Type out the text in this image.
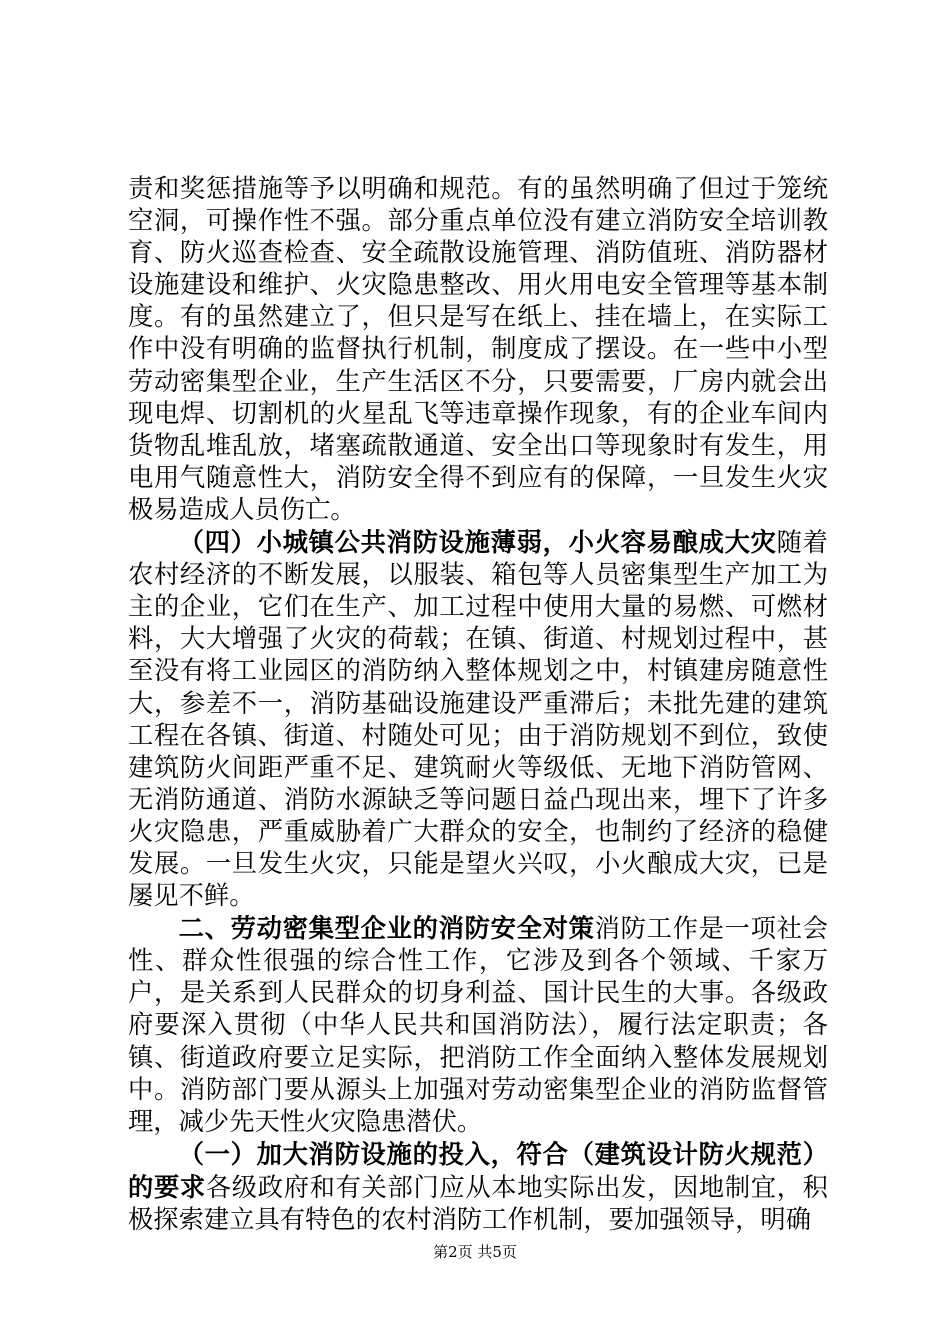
责和奖惩措施等予以明确和规范。有的虽然明确了但过于笼统空洞，可操作性不强。部分重点单位没有建立消防安全培训教育、防火巡查检查、安全疏散设施管理、消防值班、消防器材设施建设和维护、火灾隐患整改、用火用电安全管理等基本制度。有的虽然建立了，但只是写在纸上、挂在墙上，在实际工作中没有明确的监督执行机制，制度成了摆设。在一些中小型劳动密集型企业，生产生活区不分，只要需要，厂房内就会出现电焊、切割机的火星乱飞等违章操作现象，有的企业车间内货物乱堆乱放，堵塞疏散通道、安全出口等现象时有发生，用电用气随意性大，消防安全得不到应有的保障，一旦发生火灾极易造成人员伤亡。

（四）小城镇公共消防设施薄弱，小火容易酿成大灾随着农村经济的不断发展，以服装、箱包等人员密集型生产加工为主的企业，它们在生产、加工过程中使用大量的易燃、可燃材料，大大增强了火灾的荷载；在镇、街道、村规划过程中，甚至没有将工业园区的消防纳入整体规划之中，村镇建房随意性大，参差不一，消防基础设施建设严重滞后；未批先建的建筑工程在各镇、街道、村随处可见；由于消防规划不到位，致使建筑防火间距严重不足、建筑耐火等级低、无地下消防管网、无消防通道、消防水源缺乏等问题日益凸现出来，埋下了许多火灾隐患，严重威胁着广大群众的安全，也制约了经济的稳健发展。一旦发生火灾，只能是望火兴叹，小火酿成大灾，已是屡见不鲜。

二、劳动密集型企业的消防安全对策消防工作是一项社会性、群众性很强的综合性工作，它涉及到各个领域、千家万户，是关系到人民群众的切身利益、国计民生的大事。各级政府要深入贯彻（中华人民共和国消防法），履行法定职责；各镇、街道政府要立足实际，把消防工作全面纳入整体发展规划中。消防部门要从源头上加强对劳动密集型企业的消防监督管理，减少先天性火灾隐患潜伏。

（一）加大消防设施的投入，符合（建筑设计防火规范）的要求各级政府和有关部门应从本地实际出发，因地制宜，积极探索建立具有特色的农村消防工作机制，要加强领导，明确

第2页 共5页
